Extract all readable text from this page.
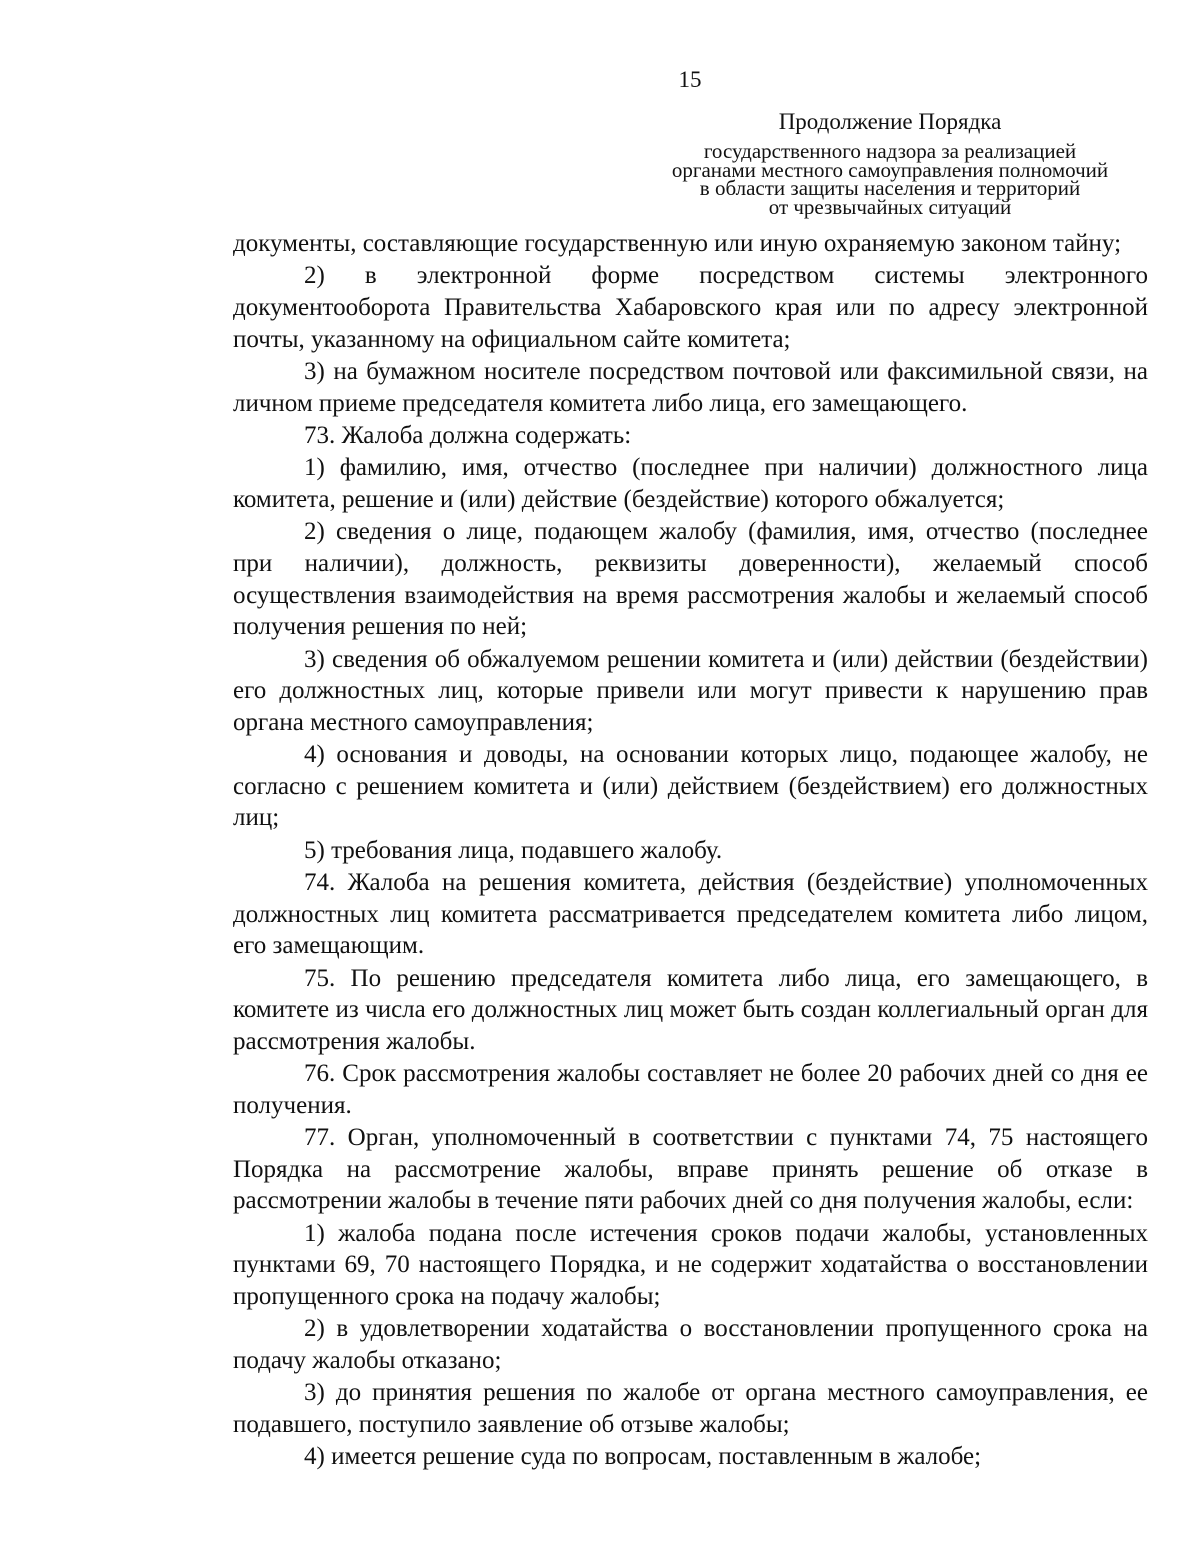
15

Продолжение Порядка

государственного надзора за реализацией

органами местного самоуправления полномочий

в области защиты населения и территорий

от чрезвычайных ситуаций

документы, составляющие государственную или иную охраняемую законом тайну;

2) в электронной форме посредством системы электронного документооборота Правительства Хабаровского края или по адресу электронной почты, указанному на официальном сайте комитета;

3) на бумажном носителе посредством почтовой или факсимильной связи, на личном приеме председателя комитета либо лица, его замещающего.

73. Жалоба должна содержать:

1) фамилию, имя, отчество (последнее при наличии) должностного лица комитета, решение и (или) действие (бездействие) которого обжалуется;

2) сведения о лице, подающем жалобу (фамилия, имя, отчество (последнее при наличии), должность, реквизиты доверенности), желаемый способ осуществления взаимодействия на время рассмотрения жалобы и желаемый способ получения решения по ней;

3) сведения об обжалуемом решении комитета и (или) действии (бездействии) его должностных лиц, которые привели или могут привести к нарушению прав органа местного самоуправления;

4) основания и доводы, на основании которых лицо, подающее жалобу, не согласно с решением комитета и (или) действием (бездействием) его должностных лиц;

5) требования лица, подавшего жалобу.

74. Жалоба на решения комитета, действия (бездействие) уполномоченных должностных лиц комитета рассматривается председателем комитета либо лицом, его замещающим.

75. По решению председателя комитета либо лица, его замещающего, в комитете из числа его должностных лиц может быть создан коллегиальный орган для рассмотрения жалобы.

76. Срок рассмотрения жалобы составляет не более 20 рабочих дней со дня ее получения.

77. Орган, уполномоченный в соответствии с пунктами 74, 75 настоящего Порядка на рассмотрение жалобы, вправе принять решение об отказе в рассмотрении жалобы в течение пяти рабочих дней со дня получения жалобы, если:

1) жалоба подана после истечения сроков подачи жалобы, установленных пунктами 69, 70 настоящего Порядка, и не содержит ходатайства о восстановлении пропущенного срока на подачу жалобы;

2) в удовлетворении ходатайства о восстановлении пропущенного срока на подачу жалобы отказано;

3) до принятия решения по жалобе от органа местного самоуправления, ее подавшего, поступило заявление об отзыве жалобы;

4) имеется решение суда по вопросам, поставленным в жалобе;
